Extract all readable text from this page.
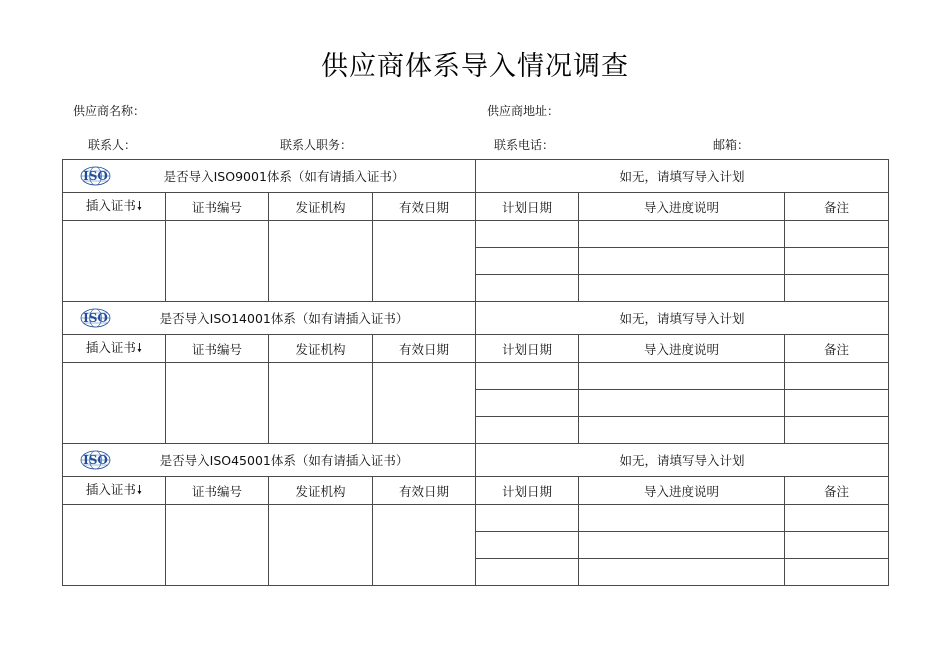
供应商体系导入情况调查
供应商名称：	供应商地址：
联系人：	联系人职务：	联系电话：	邮箱：
ISO 是否导入ISO9001体系（如有请插入证书）				如无，请填写导入计划		
插入证书🠗	证书编号	发证机构	有效日期	计划日期	导入进度说明	备注

ISO 是否导入ISO14001体系（如有请插入证书）				如无，请填写导入计划		
插入证书🠗	证书编号	发证机构	有效日期	计划日期	导入进度说明	备注

ISO 是否导入ISO45001体系（如有请插入证书）				如无，请填写导入计划		
插入证书🠗	证书编号	发证机构	有效日期	计划日期	导入进度说明	备注
